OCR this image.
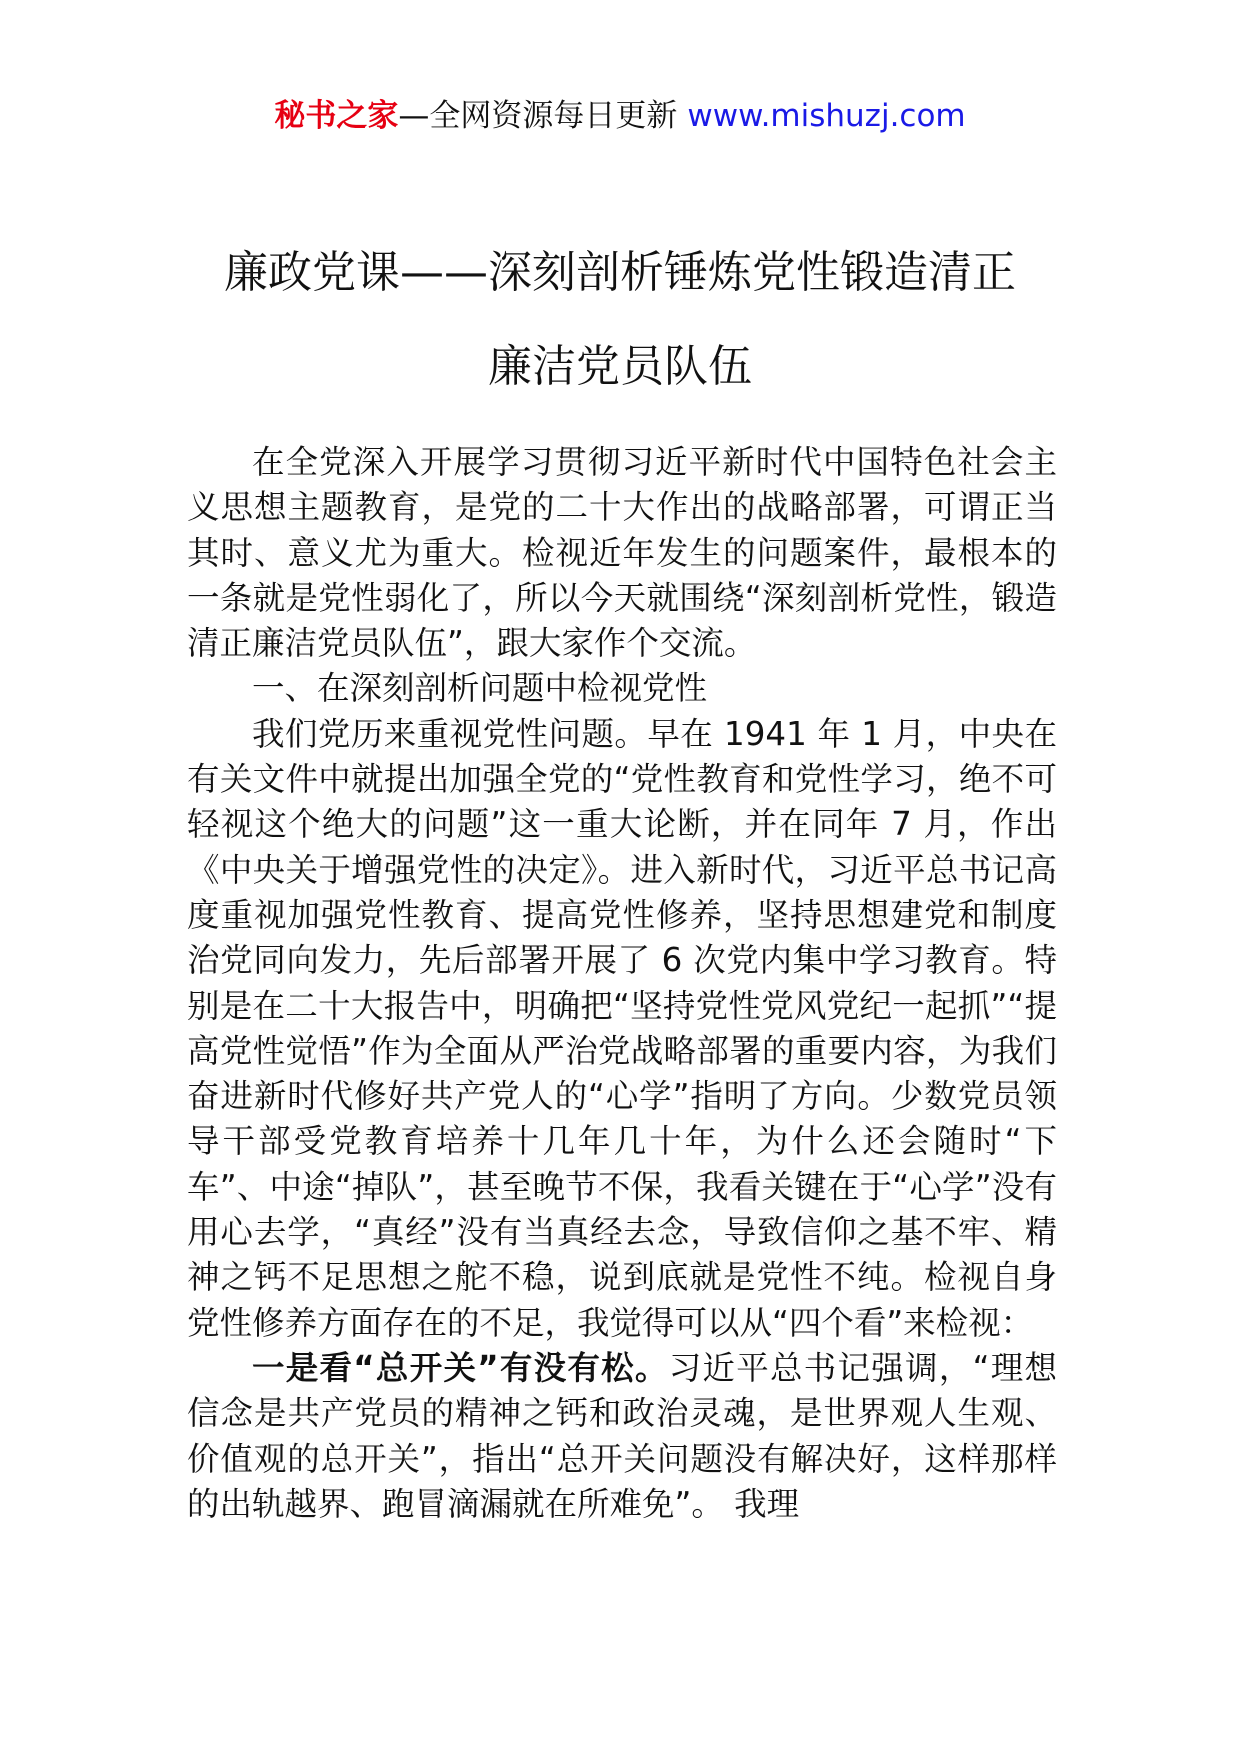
秘书之家—全网资源每日更新 www.mishuzj.com
廉政党课——深刻剖析锤炼党性锻造清正
廉洁党员队伍

在全党深入开展学习贯彻习近平新时代中国特色社会主义思想主题教育，是党的二十大作出的战略部署，可谓正当其时、意义尤为重大。检视近年发生的问题案件，最根本的一条就是党性弱化了，所以今天就围绕“深刻剖析党性，锻造清正廉洁党员队伍”，跟大家作个交流。

一、在深刻剖析问题中检视党性

我们党历来重视党性问题。早在 1941 年 1 月，中央在有关文件中就提出加强全党的“党性教育和党性学习，绝不可轻视这个绝大的问题”这一重大论断，并在同年 7 月，作出《中央关于增强党性的决定》。进入新时代，习近平总书记高度重视加强党性教育、提高党性修养，坚持思想建党和制度治党同向发力，先后部署开展了 6 次党内集中学习教育。特别是在二十大报告中，明确把“坚持党性党风党纪一起抓”“提高党性觉悟”作为全面从严治党战略部署的重要内容，为我们奋进新时代修好共产党人的“心学”指明了方向。少数党员领导干部受党教育培养十几年几十年，为什么还会随时“下车”、中途“掉队”，甚至晚节不保，我看关键在于“心学”没有用心去学，“真经”没有当真经去念，导致信仰之基不牢、精神之钙不足思想之舵不稳，说到底就是党性不纯。检视自身党性修养方面存在的不足，我觉得可以从“四个看”来检视：

一是看“总开关”有没有松。习近平总书记强调，“理想信念是共产党员的精神之钙和政治灵魂，是世界观人生观、价值观的总开关”，指出“总开关问题没有解决好，这样那样的出轨越界、跑冒滴漏就在所难免”。 我理
